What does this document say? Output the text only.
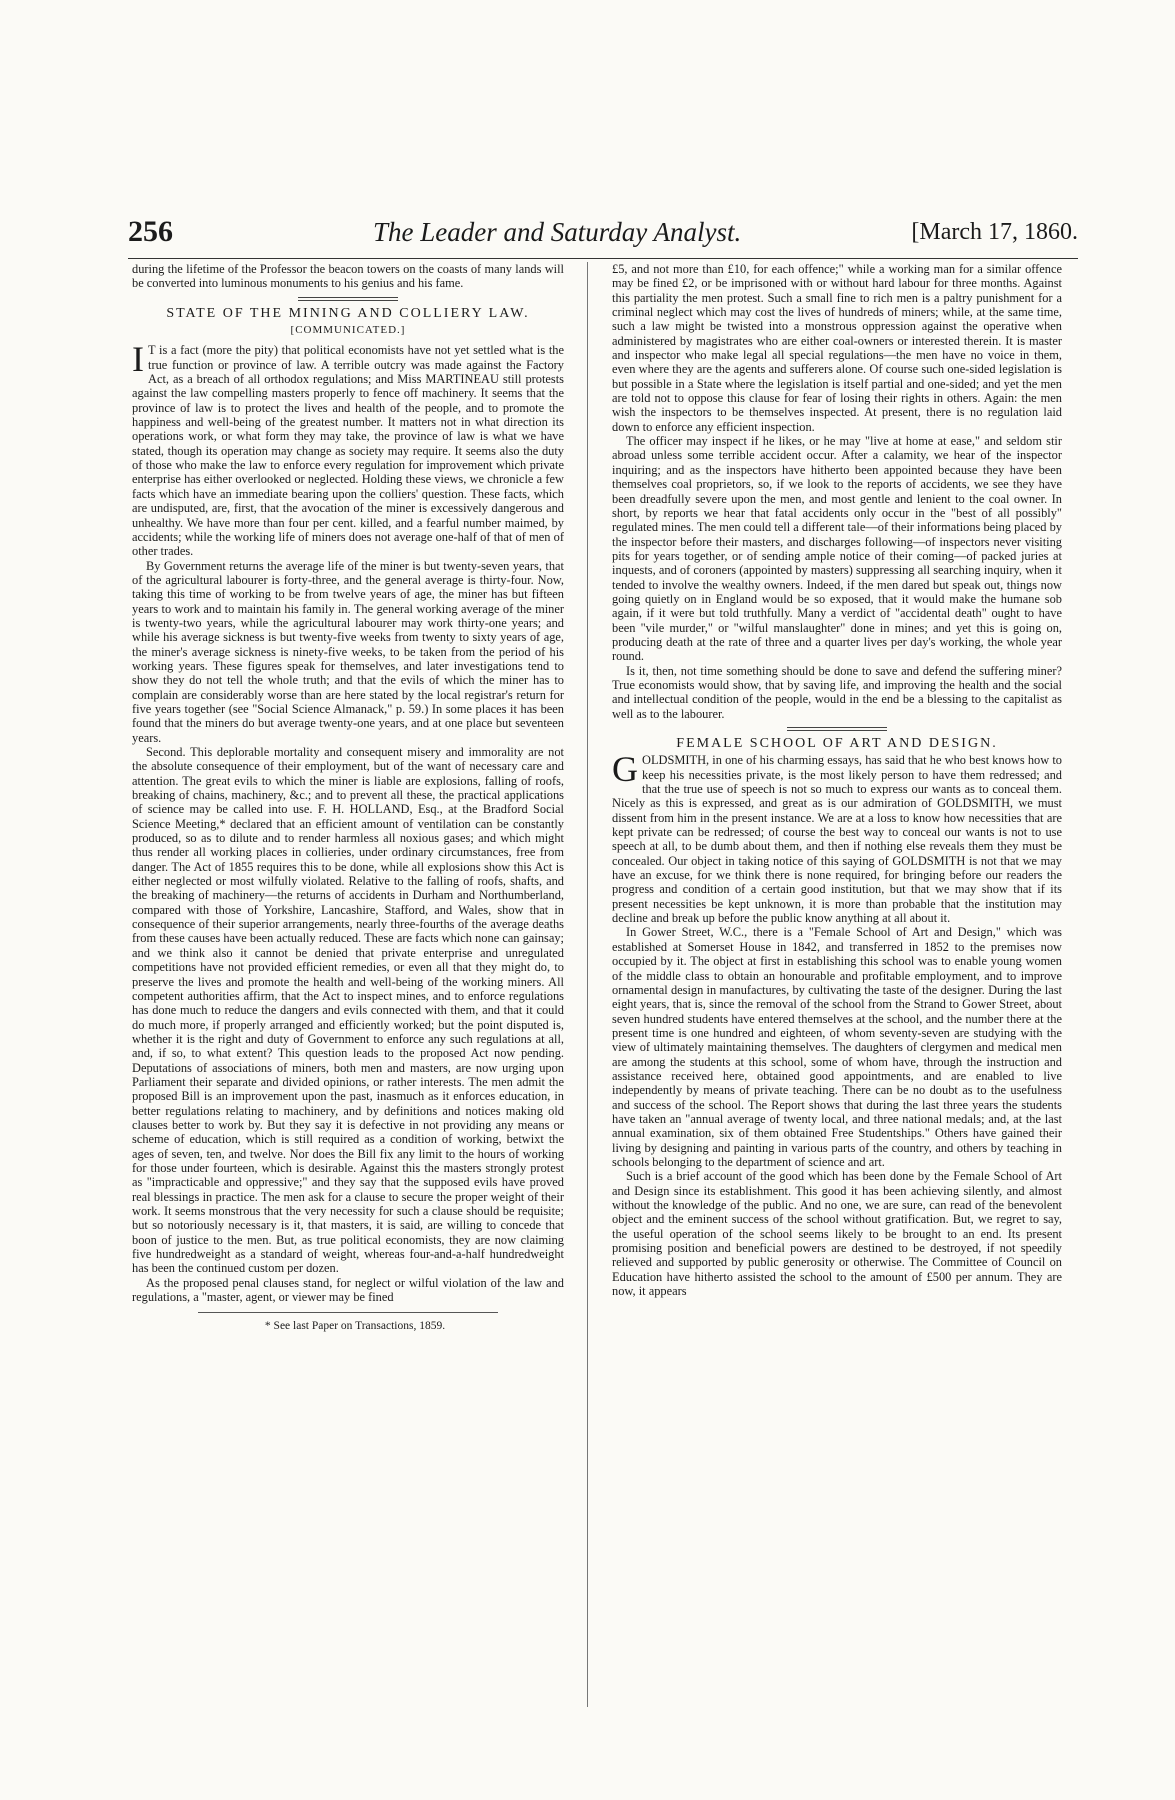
256	The Leader and Saturday Analyst.	[March 17, 1860.

during the lifetime of the Professor the beacon towers on the coasts of many lands will be converted into luminous monuments to his genius and his fame.

STATE OF THE MINING AND COLLIERY LAW.
[COMMUNICATED.]

I T is a fact (more the pity) that political economists have not yet settled what is the true function or province of law. A terrible outcry was made against the Factory Act, as a breach of all orthodox regulations; and Miss MARTINEAU still protests against the law compelling masters properly to fence off machinery. It seems that the province of law is to protect the lives and health of the people, and to promote the happiness and well-being of the greatest number. It matters not in what direction its operations work, or what form they may take, the province of law is what we have stated, though its operation may change as society may require. It seems also the duty of those who make the law to enforce every regulation for improvement which private enterprise has either overlooked or neglected. Holding these views, we chronicle a few facts which have an immediate bearing upon the colliers' question. These facts, which are undisputed, are, first, that the avocation of the miner is excessively dangerous and unhealthy. We have more than four per cent. killed, and a fearful number maimed, by accidents; while the working life of miners does not average one-half of that of men of other trades.

By Government returns the average life of the miner is but twenty-seven years, that of the agricultural labourer is forty-three, and the general average is thirty-four. Now, taking this time of working to be from twelve years of age, the miner has but fifteen years to work and to maintain his family in. The general working average of the miner is twenty-two years, while the agricultural labourer may work thirty-one years; and while his average sickness is but twenty-five weeks from twenty to sixty years of age, the miner's average sickness is ninety-five weeks, to be taken from the period of his working years. These figures speak for themselves, and later investigations tend to show they do not tell the whole truth; and that the evils of which the miner has to complain are considerably worse than are here stated by the local registrar's return for five years together (see "Social Science Almanack," p. 59.) In some places it has been found that the miners do but average twenty-one years, and at one place but seventeen years.

Second. This deplorable mortality and consequent misery and immorality are not the absolute consequence of their employment, but of the want of necessary care and attention. The great evils to which the miner is liable are explosions, falling of roofs, breaking of chains, machinery, &c.; and to prevent all these, the practical applications of science may be called into use. F. H. HOLLAND, Esq., at the Bradford Social Science Meeting,* declared that an efficient amount of ventilation can be constantly produced, so as to dilute and to render harmless all noxious gases; and which might thus render all working places in collieries, under ordinary circumstances, free from danger. The Act of 1855 requires this to be done, while all explosions show this Act is either neglected or most wilfully violated. Relative to the falling of roofs, shafts, and the breaking of machinery—the returns of accidents in Durham and Northumberland, compared with those of Yorkshire, Lancashire, Stafford, and Wales, show that in consequence of their superior arrangements, nearly three-fourths of the average deaths from these causes have been actually reduced. These are facts which none can gainsay; and we think also it cannot be denied that private enterprise and unregulated competitions have not provided efficient remedies, or even all that they might do, to preserve the lives and promote the health and well-being of the working miners. All competent authorities affirm, that the Act to inspect mines, and to enforce regulations has done much to reduce the dangers and evils connected with them, and that it could do much more, if properly arranged and efficiently worked; but the point disputed is, whether it is the right and duty of Government to enforce any such regulations at all, and, if so, to what extent? This question leads to the proposed Act now pending. Deputations of associations of miners, both men and masters, are now urging upon Parliament their separate and divided opinions, or rather interests. The men admit the proposed Bill is an improvement upon the past, inasmuch as it enforces education, in better regulations relating to machinery, and by definitions and notices making old clauses better to work by. But they say it is defective in not providing any means or scheme of education, which is still required as a condition of working, betwixt the ages of seven, ten, and twelve. Nor does the Bill fix any limit to the hours of working for those under fourteen, which is desirable. Against this the masters strongly protest as "impracticable and oppressive;" and they say that the supposed evils have proved real blessings in practice. The men ask for a clause to secure the proper weight of their work. It seems monstrous that the very necessity for such a clause should be requisite; but so notoriously necessary is it, that masters, it is said, are willing to concede that boon of justice to the men. But, as true political economists, they are now claiming five hundredweight as a standard of weight, whereas four-and-a-half hundredweight has been the continued custom per dozen.

As the proposed penal clauses stand, for neglect or wilful violation of the law and regulations, a "master, agent, or viewer may be fined

* See last Paper on Transactions, 1859.

£5, and not more than £10, for each offence;" while a working man for a similar offence may be fined £2, or be imprisoned with or without hard labour for three months. Against this partiality the men protest. Such a small fine to rich men is a paltry punishment for a criminal neglect which may cost the lives of hundreds of miners; while, at the same time, such a law might be twisted into a monstrous oppression against the operative when administered by magistrates who are either coal-owners or interested therein. It is master and inspector who make legal all special regulations—the men have no voice in them, even where they are the agents and sufferers alone. Of course such one-sided legislation is but possible in a State where the legislation is itself partial and one-sided; and yet the men are told not to oppose this clause for fear of losing their rights in others. Again: the men wish the inspectors to be themselves inspected. At present, there is no regulation laid down to enforce any efficient inspection.

The officer may inspect if he likes, or he may "live at home at ease," and seldom stir abroad unless some terrible accident occur. After a calamity, we hear of the inspector inquiring; and as the inspectors have hitherto been appointed because they have been themselves coal proprietors, so, if we look to the reports of accidents, we see they have been dreadfully severe upon the men, and most gentle and lenient to the coal owner. In short, by reports we hear that fatal accidents only occur in the "best of all possibly" regulated mines. The men could tell a different tale—of their informations being placed by the inspector before their masters, and discharges following—of inspectors never visiting pits for years together, or of sending ample notice of their coming—of packed juries at inquests, and of coroners (appointed by masters) suppressing all searching inquiry, when it tended to involve the wealthy owners. Indeed, if the men dared but speak out, things now going quietly on in England would be so exposed, that it would make the humane sob again, if it were but told truthfully. Many a verdict of "accidental death" ought to have been "vile murder," or "wilful manslaughter" done in mines; and yet this is going on, producing death at the rate of three and a quarter lives per day's working, the whole year round.

Is it, then, not time something should be done to save and defend the suffering miner? True economists would show, that by saving life, and improving the health and the social and intellectual condition of the people, would in the end be a blessing to the capitalist as well as to the labourer.

FEMALE SCHOOL OF ART AND DESIGN.

GOLDSMITH, in one of his charming essays, has said that he who best knows how to keep his necessities private, is the most likely person to have them redressed; and that the true use of speech is not so much to express our wants as to conceal them. Nicely as this is expressed, and great as is our admiration of GOLDSMITH, we must dissent from him in the present instance. We are at a loss to know how necessities that are kept private can be redressed; of course the best way to conceal our wants is not to use speech at all, to be dumb about them, and then if nothing else reveals them they must be concealed. Our object in taking notice of this saying of GOLDSMITH is not that we may have an excuse, for we think there is none required, for bringing before our readers the progress and condition of a certain good institution, but that we may show that if its present necessities be kept unknown, it is more than probable that the institution may decline and break up before the public know anything at all about it.

In Gower Street, W.C., there is a "Female School of Art and Design," which was established at Somerset House in 1842, and transferred in 1852 to the premises now occupied by it. The object at first in establishing this school was to enable young women of the middle class to obtain an honourable and profitable employment, and to improve ornamental design in manufactures, by cultivating the taste of the designer. During the last eight years, that is, since the removal of the school from the Strand to Gower Street, about seven hundred students have entered themselves at the school, and the number there at the present time is one hundred and eighteen, of whom seventy-seven are studying with the view of ultimately maintaining themselves. The daughters of clergymen and medical men are among the students at this school, some of whom have, through the instruction and assistance received here, obtained good appointments, and are enabled to live independently by means of private teaching. There can be no doubt as to the usefulness and success of the school. The Report shows that during the last three years the students have taken an "annual average of twenty local, and three national medals; and, at the last annual examination, six of them obtained Free Studentships." Others have gained their living by designing and painting in various parts of the country, and others by teaching in schools belonging to the department of science and art.

Such is a brief account of the good which has been done by the Female School of Art and Design since its establishment. This good it has been achieving silently, and almost without the knowledge of the public. And no one, we are sure, can read of the benevolent object and the eminent success of the school without gratification. But, we regret to say, the useful operation of the school seems likely to be brought to an end. Its present promising position and beneficial powers are destined to be destroyed, if not speedily relieved and supported by public generosity or otherwise. The Committee of Council on Education have hitherto assisted the school to the amount of £500 per annum. They are now, it appears
